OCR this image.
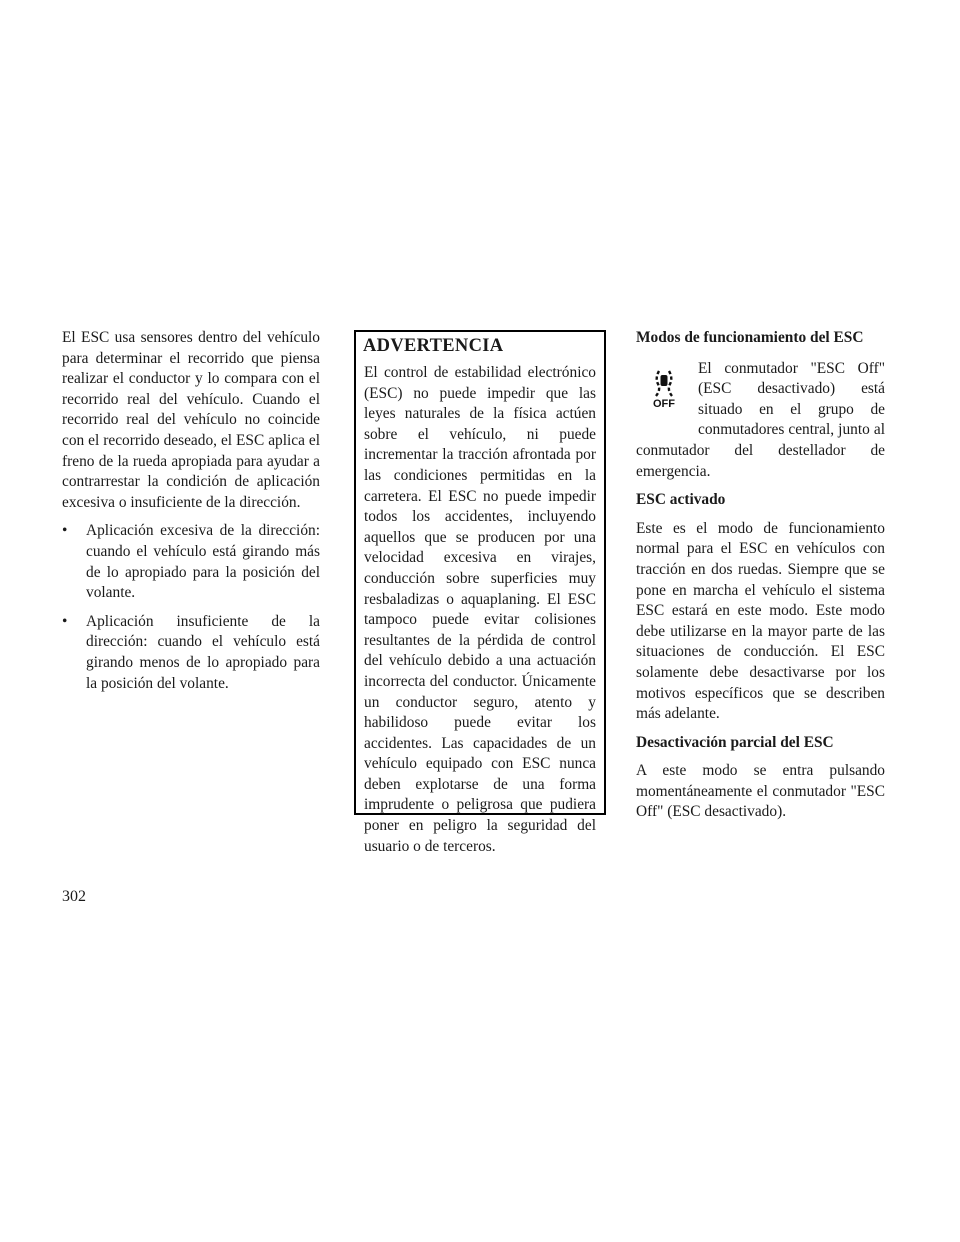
El ESC usa sensores dentro del vehículo para determinar el recorrido que piensa realizar el conductor y lo compara con el recorrido real del vehículo. Cuando el recorrido real del vehículo no coincide con el recorrido deseado, el ESC aplica el freno de la rueda apropiada para ayudar a contrarrestar la condición de aplicación excesiva o insuficiente de la dirección.

• Aplicación excesiva de la dirección: cuando el vehículo está girando más de lo apropiado para la posición del volante.
• Aplicación insuficiente de la dirección: cuando el vehículo está girando menos de lo apropiado para la posición del volante.
ADVERTENCIA

El control de estabilidad electrónico (ESC) no puede impedir que las leyes naturales de la física actúen sobre el vehículo, ni puede incrementar la tracción afrontada por las condiciones permitidas en la carretera. El ESC no puede impedir todos los accidentes, incluyendo aquellos que se producen por una velocidad excesiva en virajes, conducción sobre superficies muy resbaladizas o aquaplaning. El ESC tampoco puede evitar colisiones resultantes de la pérdida de control del vehículo debido a una actuación incorrecta del conductor. Únicamente un conductor seguro, atento y habilidoso puede evitar los accidentes. Las capacidades de un vehículo equipado con ESC nunca deben explotarse de una forma imprudente o peligrosa que pudiera poner en peligro la seguridad del usuario o de terceros.

Modos de funcionamiento del ESC

OFF

El conmutador "ESC Off" (ESC desactivado) está situado en el grupo de conmutadores central, junto al conmutador del destellador de emergencia.

ESC activado

Este es el modo de funcionamiento normal para el ESC en vehículos con tracción en dos ruedas. Siempre que se pone en marcha el vehículo el sistema ESC estará en este modo. Este modo debe utilizarse en la mayor parte de las situaciones de conducción. El ESC solamente debe desactivarse por los motivos específicos que se describen más adelante.

Desactivación parcial del ESC

A este modo se entra pulsando momentáneamente el conmutador "ESC Off" (ESC desactivado).

302
